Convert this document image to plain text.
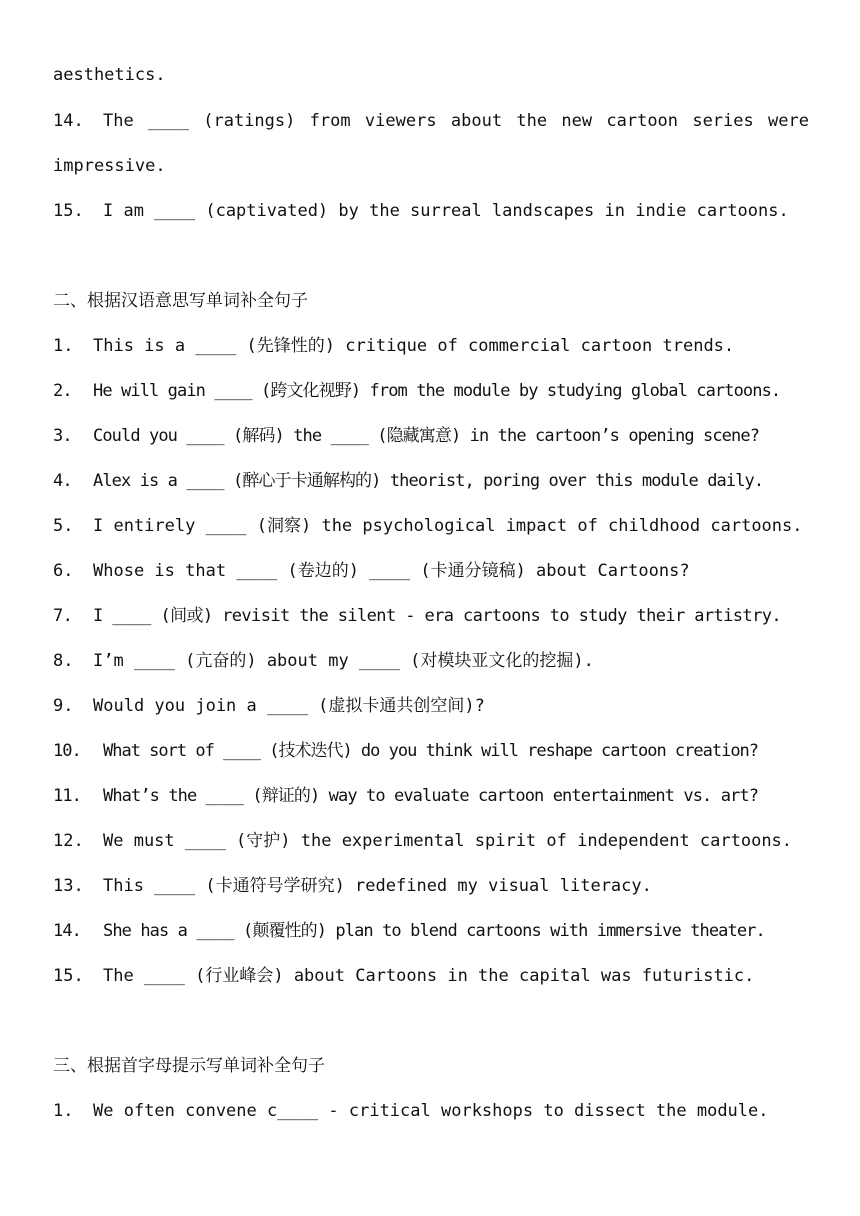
aesthetics.
14. The ____ (ratings) from viewers about the new cartoon series were
impressive.
15. I am ____ (captivated) by the surreal landscapes in indie cartoons.
二、根据汉语意思写单词补全句子
1. This is a ____ (先锋性的) critique of commercial cartoon trends.
2. He will gain ____ (跨文化视野) from the module by studying global cartoons.
3. Could you ____ (解码) the ____ (隐藏寓意) in the cartoon’s opening scene?
4. Alex is a ____ (醉心于卡通解构的) theorist, poring over this module daily.
5. I entirely ____ (洞察) the psychological impact of childhood cartoons.
6. Whose is that ____ (卷边的) ____ (卡通分镜稿) about Cartoons?
7. I ____ (间或) revisit the silent - era cartoons to study their artistry.
8. I’m ____ (亢奋的) about my ____ (对模块亚文化的挖掘).
9. Would you join a ____ (虚拟卡通共创空间)?
10. What sort of ____ (技术迭代) do you think will reshape cartoon creation?
11. What’s the ____ (辩证的) way to evaluate cartoon entertainment vs. art?
12. We must ____ (守护) the experimental spirit of independent cartoons.
13. This ____ (卡通符号学研究) redefined my visual literacy.
14. She has a ____ (颠覆性的) plan to blend cartoons with immersive theater.
15. The ____ (行业峰会) about Cartoons in the capital was futuristic.
三、根据首字母提示写单词补全句子
1. We often convene c____ - critical workshops to dissect the module.
